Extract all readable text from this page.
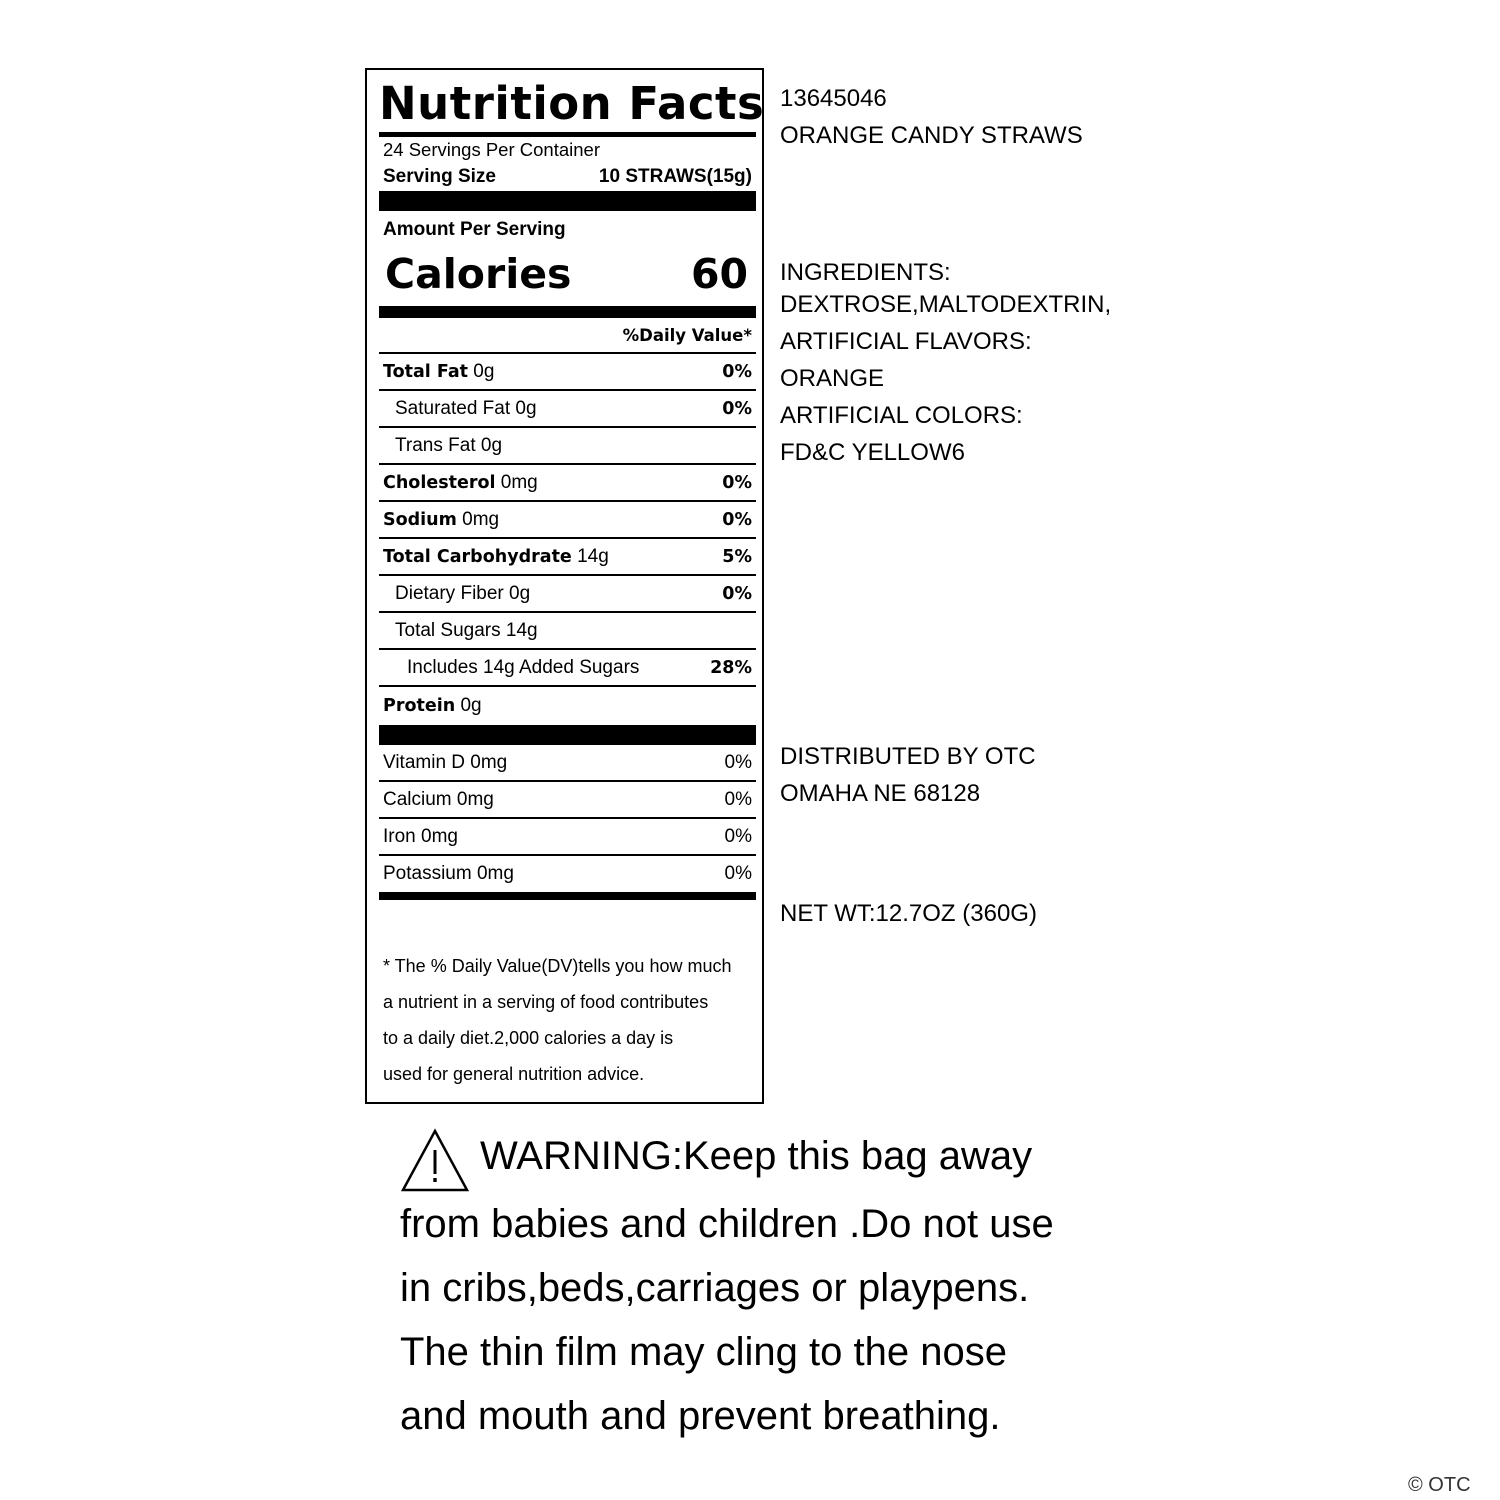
Nutrition Facts
24 Servings Per Container
Serving Size	10 STRAWS(15g)
Amount Per Serving
Calories	60
%Daily Value*
Total Fat 0g	0%
Saturated Fat 0g	0%
Trans Fat 0g
Cholesterol 0mg	0%
Sodium 0mg	0%
Total Carbohydrate 14g	5%
Dietary Fiber 0g	0%
Total Sugars 14g
Includes 14g Added Sugars	28%
Protein 0g
Vitamin D 0mg	0%
Calcium 0mg	0%
Iron 0mg	0%
Potassium 0mg	0%
* The % Daily Value(DV)tells you how much
a nutrient in a serving of food contributes
to a daily diet.2,000 calories a day is
used for general nutrition advice.
13645046
ORANGE CANDY STRAWS
INGREDIENTS:
DEXTROSE,MALTODEXTRIN,
ARTIFICIAL FLAVORS:
ORANGE
ARTIFICIAL COLORS:
FD&C YELLOW6
DISTRIBUTED BY OTC
OMAHA NE 68128
NET WT:12.7OZ (360G)
WARNING:Keep this bag away
from babies and children .Do not use
in cribs,beds,carriages or playpens.
The thin film may cling to the nose
and mouth and prevent breathing.
© OTC
